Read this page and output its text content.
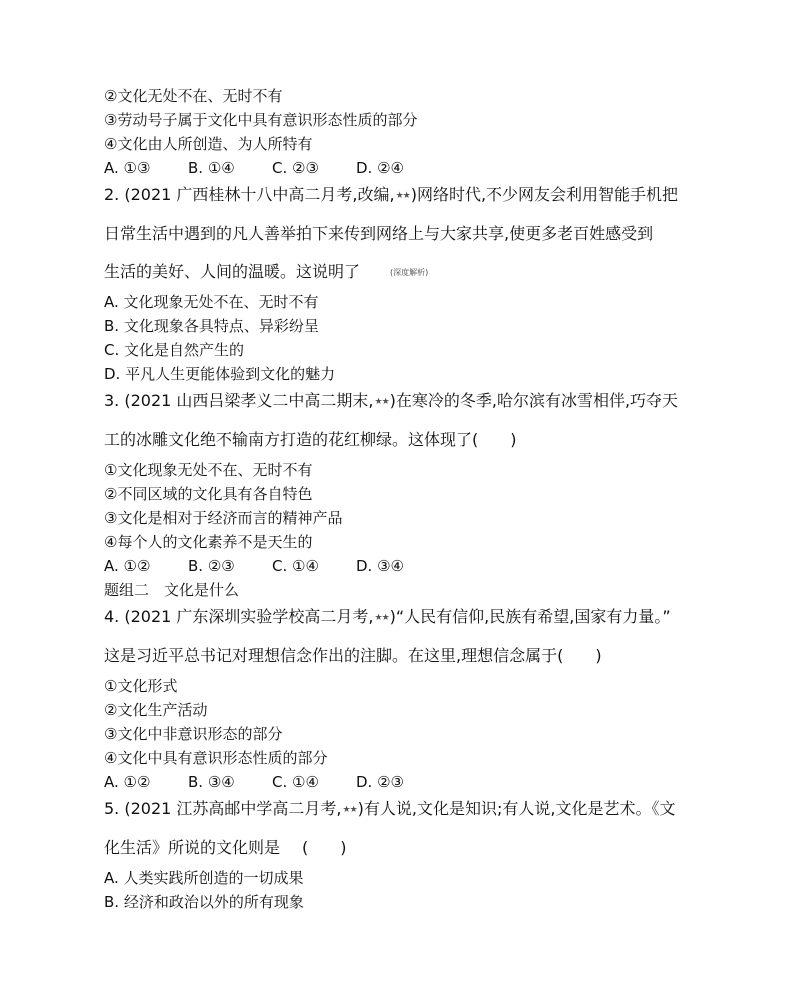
②文化无处不在、无时不有
③劳动号子属于文化中具有意识形态性质的部分
④文化由人所创造、为人所特有
A. ①③	B. ①④ C. ②③ D. ②④
2. (2021 广西桂林十八中高二月考,改编,★★)网络时代,不少网友会利用智能手机把
日常生活中遇到的凡人善举拍下来传到网络上与大家共享,使更多老百姓感受到
生活的美好、人间的温暖。这说明了	(深度解析)
A. 文化现象无处不在、无时不有
B. 文化现象各具特点、异彩纷呈
C. 文化是自然产生的
D. 平凡人生更能体验到文化的魅力
3. (2021 山西吕梁孝义二中高二期末,★★)在寒冷的冬季,哈尔滨有冰雪相伴,巧夺天
工的冰雕文化绝不输南方打造的花红柳绿。这体现了(　　)
①文化现象无处不在、无时不有
②不同区域的文化具有各自特色
③文化是相对于经济而言的精神产品
④每个人的文化素养不是天生的
A. ①②	B. ②③ C. ①④ D. ③④
题组二　文化是什么
4. (2021 广东深圳实验学校高二月考,★★)“人民有信仰,民族有希望,国家有力量。”
这是习近平总书记对理想信念作出的注脚。在这里,理想信念属于(　　)
①文化形式
②文化生产活动
③文化中非意识形态的部分
④文化中具有意识形态性质的部分
A. ①②	B. ③④ C. ①④ D. ②③
5. (2021 江苏高邮中学高二月考,★★)有人说,文化是知识;有人说,文化是艺术。《文
化生活》所说的文化则是 (　　)
A. 人类实践所创造的一切成果
B. 经济和政治以外的所有现象
